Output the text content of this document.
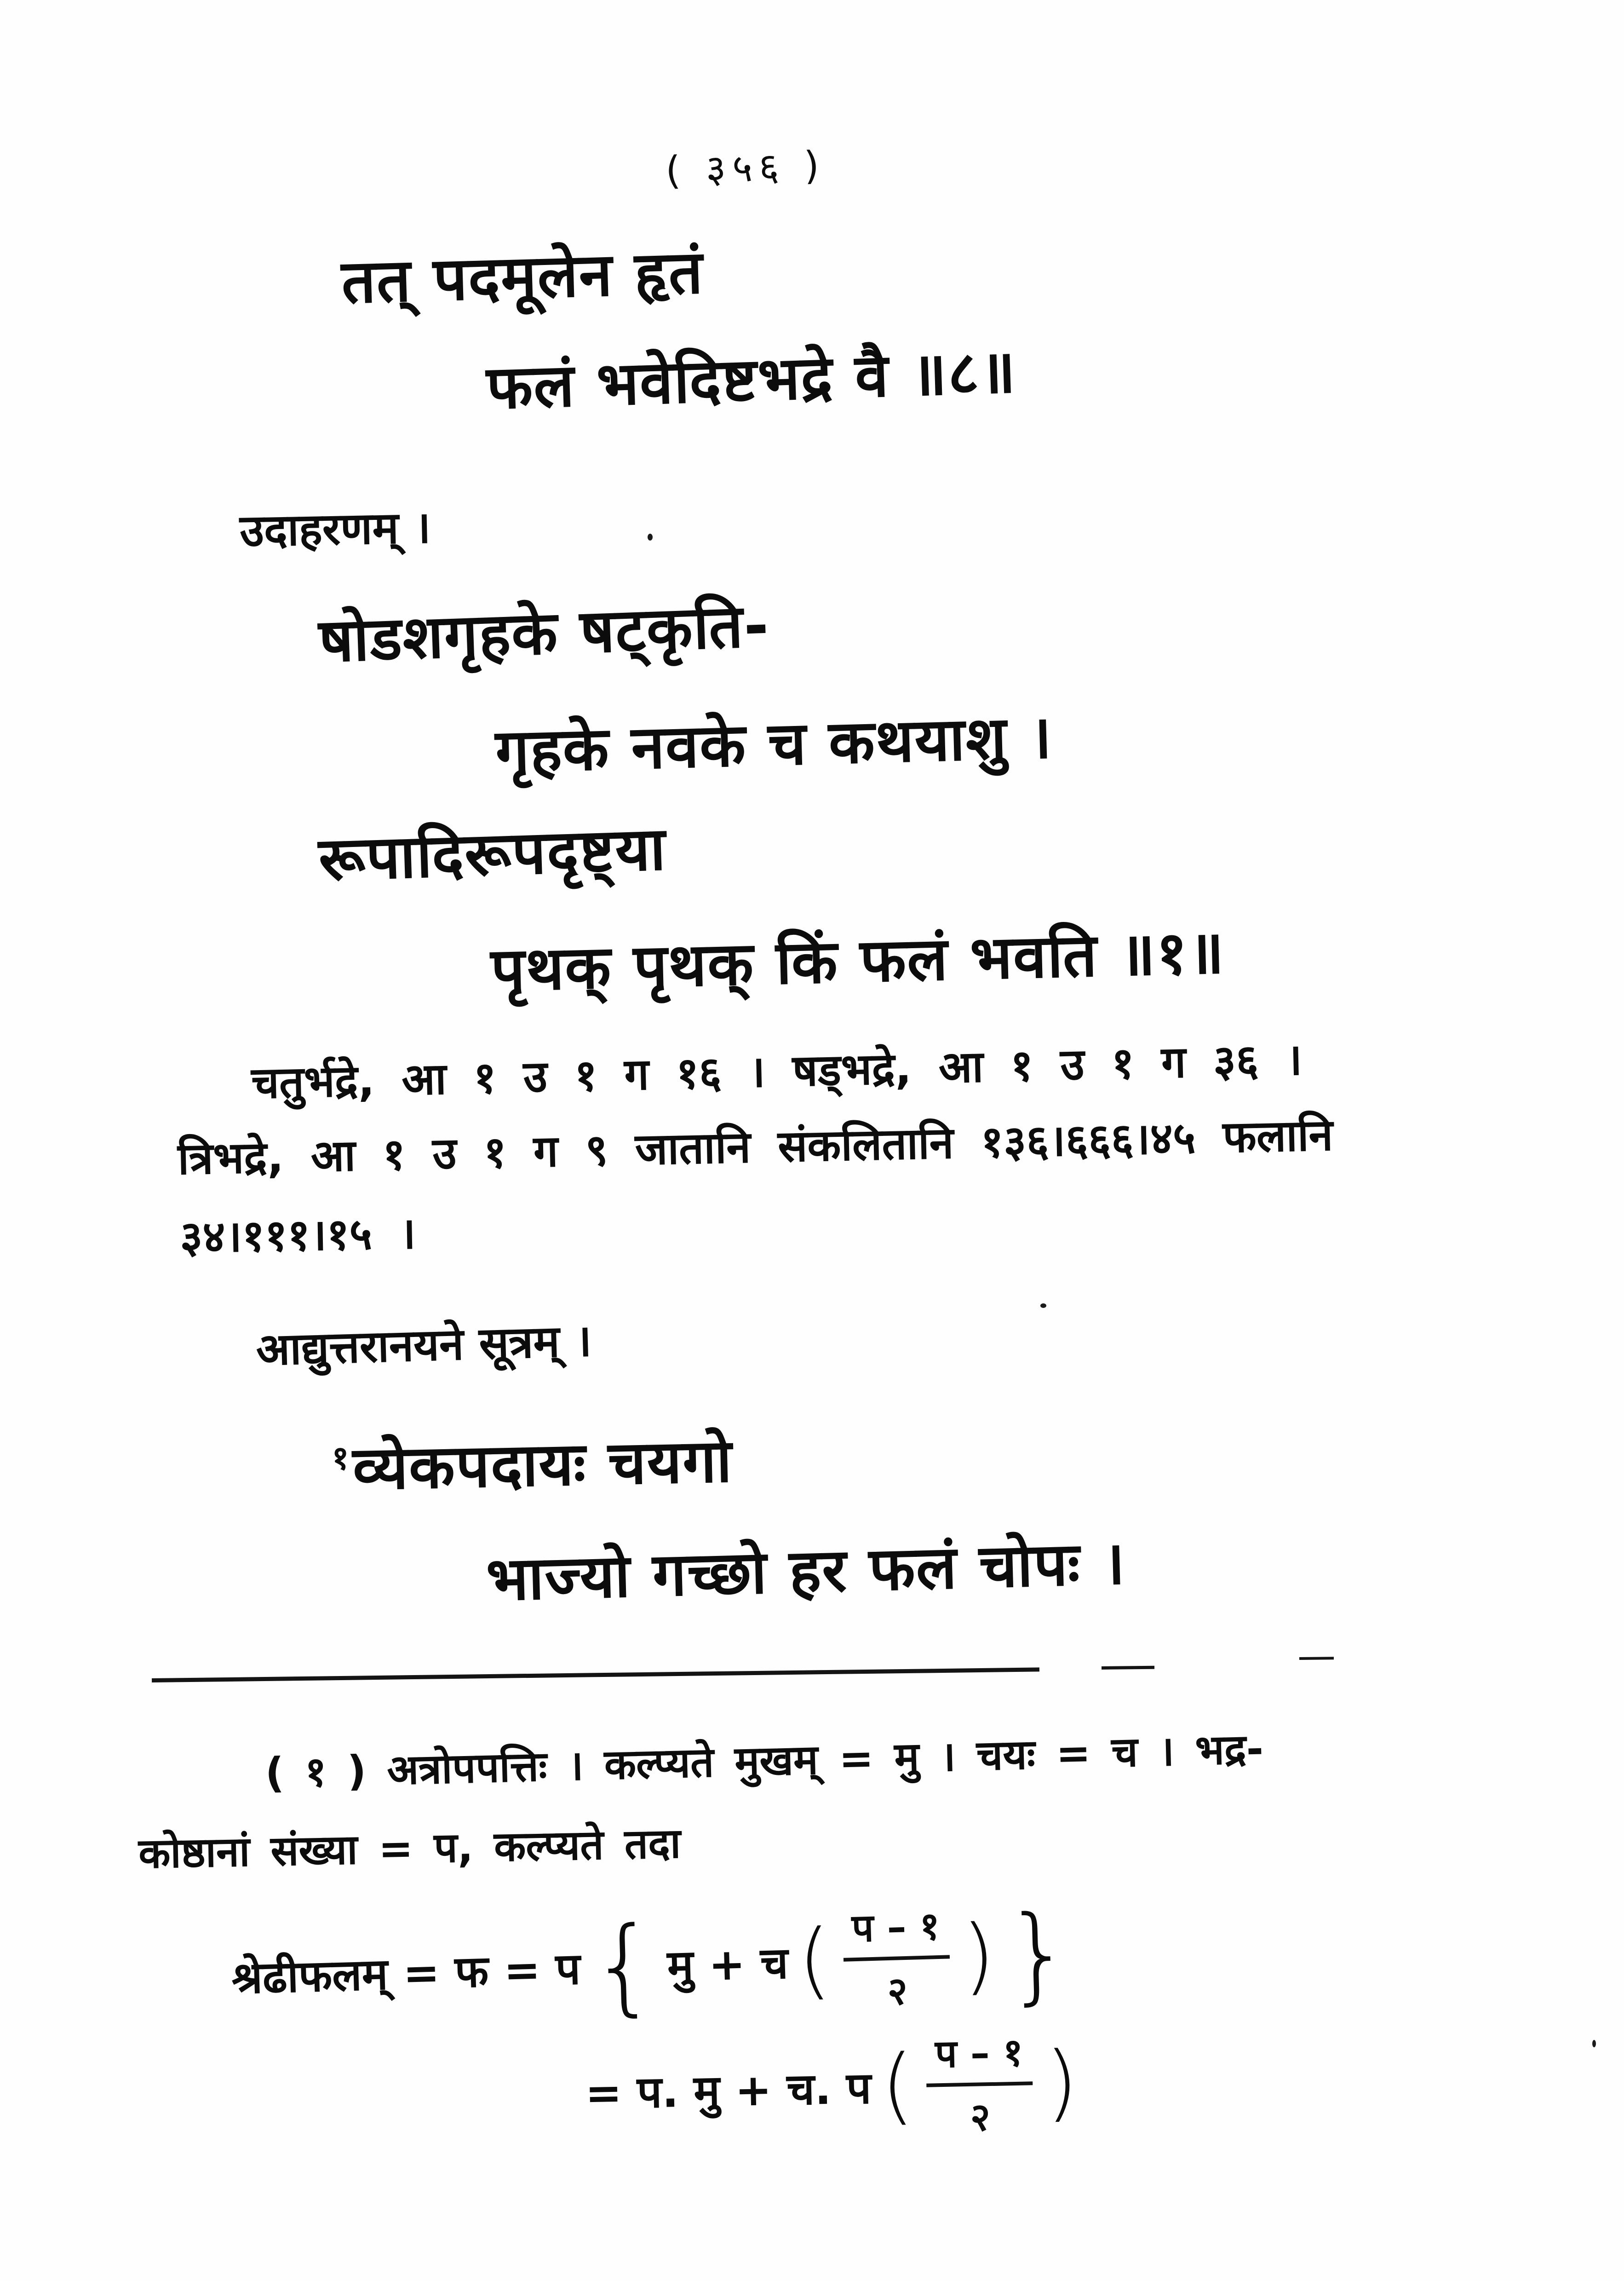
( ३५६ )
तत् पदमूलेन हृतं
फलं भवेदिष्टभद्रे वै ॥८॥
उदाहरणम् ।
षोडशगृहके षट्कृति-
गृहके नवके च कथयाशु ।
रूपादिरूपदृष्ट्या
पृथक् पृथक् किं फलं भवति ॥१॥
चतुर्भद्रे, आ १ उ १ ग १६ । षड्भद्रे, आ १ उ १ ग ३६ ।
त्रिभद्रे, आ १ उ १ ग ९ जातानि संकलितानि १३६।६६६।४५ फलानि
३४।१११।१५ ।
आद्युत्तरानयने सूत्रम् ।
$^१$व्येकपदायः चयगो
भाज्यो गच्छो हर फलं चोपः ।
( १ ) अत्रोपपत्तिः । कल्प्यते मुखम् = मु । चयः = च । भद्र-
कोष्ठानां संख्या = प, कल्प्यते तदा
श्रेढीफलम् = फ = प { मु + च ( $\frac{\text{प – १}}{२}$ ) }
= प. मु + च. प ( $\frac{\text{प – १}}{२}$ )
